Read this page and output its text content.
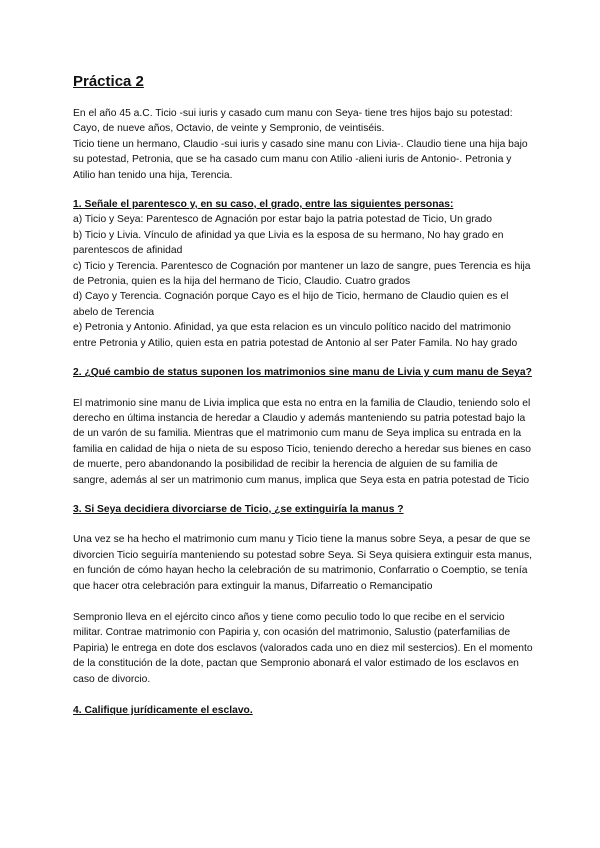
Práctica 2

En el año 45 a.C. Ticio -sui iuris y casado cum manu con Seya- tiene tres hijos bajo su potestad: Cayo, de nueve años, Octavio, de veinte y Sempronio, de veintiséis.

Ticio tiene un hermano, Claudio -sui iuris y casado sine manu con Livia-. Claudio tiene una hija bajo su potestad, Petronia, que se ha casado cum manu con Atilio -alieni iuris de Antonio-. Petronia y Atilio han tenido una hija, Terencia.

1. Señale el parentesco y, en su caso, el grado, entre las siguientes personas:

a) Ticio y Seya: Parentesco de Agnación por estar bajo la patria potestad de Ticio, Un grado

b) Ticio y Livia. Vínculo de afinidad ya que Livia es la esposa de su hermano, No hay grado en parentescos de afinidad

c) Ticio y Terencia. Parentesco de Cognación por mantener un lazo de sangre, pues Terencia es hija de Petronia, quien es la hija del hermano de Ticio, Claudio. Cuatro grados

d) Cayo y Terencia. Cognación porque Cayo es el hijo de Ticio, hermano de Claudio quien es el abelo de Terencia

e) Petronia y Antonio. Afinidad, ya que esta relacion es un vinculo político nacido del matrimonio entre Petronia y Atilio, quien esta en patria potestad de Antonio al ser Pater Famila. No hay grado

2. ¿Qué cambio de status suponen los matrimonios sine manu de Livia y cum manu de Seya?

El matrimonio sine manu de Livia implica que esta no entra en la familia de Claudio, teniendo solo el derecho en última instancia de heredar a Claudio y además manteniendo su patria potestad bajo la de un varón de su familia. Mientras que el matrimonio cum manu de Seya implica su entrada en la familia en calidad de hija o nieta de su esposo Ticio, teniendo derecho a heredar sus bienes en caso de muerte, pero abandonando la posibilidad de recibir la herencia de alguien de su familia de sangre, además al ser un matrimonio cum manus, implica que Seya esta en patria potestad de Ticio

3. Si Seya decidiera divorciarse de Ticio, ¿se extinguiría la manus ?

Una vez se ha hecho el matrimonio cum manu y Ticio tiene la manus sobre Seya, a pesar de que se divorcien Ticio seguiría manteniendo su potestad sobre Seya. Si Seya quisiera extinguir esta manus, en función de cómo hayan hecho la celebración de su matrimonio, Confarratio o Coemptio, se tenía que hacer otra celebración para extinguir la manus, Difarreatio o Remancipatio

Sempronio lleva en el ejército cinco años y tiene como peculio todo lo que recibe en el servicio militar. Contrae matrimonio con Papiria y, con ocasión del matrimonio, Salustio (paterfamilias de Papiria) le entrega en dote dos esclavos (valorados cada uno en diez mil sestercios). En el momento de la constitución de la dote, pactan que Sempronio abonará el valor estimado de los esclavos en caso de divorcio.

4. Califique jurídicamente el esclavo.
